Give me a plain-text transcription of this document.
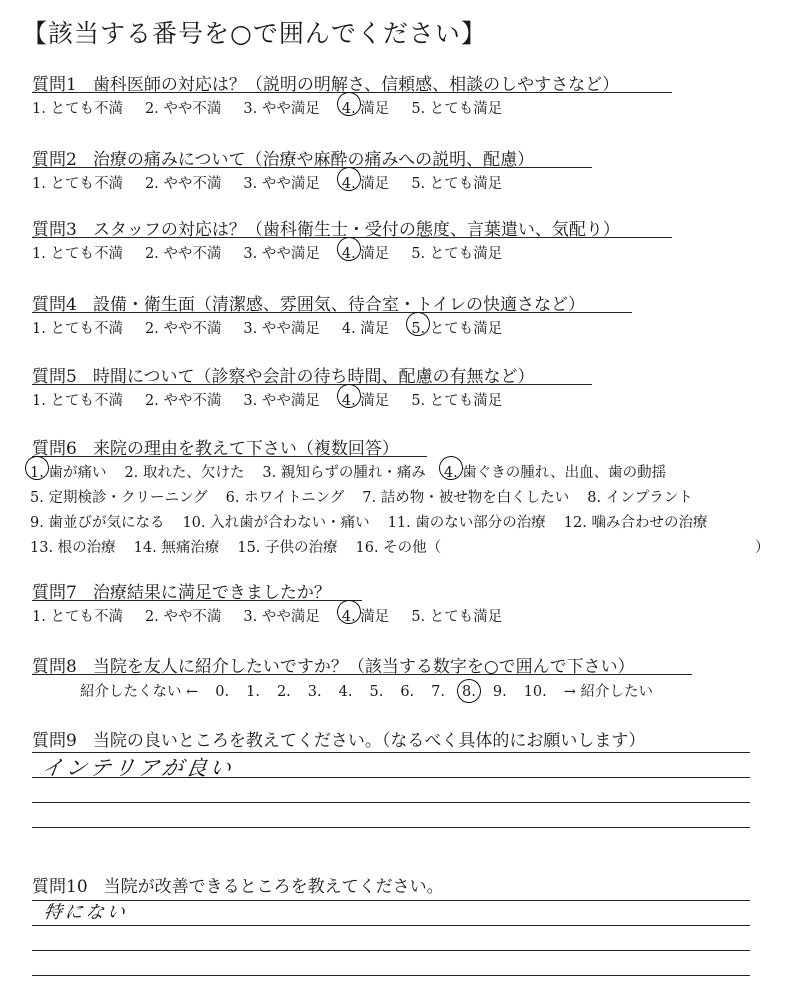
【該当する番号を○で囲んでください】
質問1 歯科医師の対応は？（説明の明解さ、信頼感、相談のしやすさなど）
1. とても不満 2. やや不満 3. やや満足 4. 満足 5. とても満足
質問2 治療の痛みについて（治療や麻酔の痛みへの説明、配慮）
1. とても不満 2. やや不満 3. やや満足 4. 満足 5. とても満足
質問3 スタッフの対応は？（歯科衛生士・受付の態度、言葉遣い、気配り）
1. とても不満 2. やや不満 3. やや満足 4. 満足 5. とても満足
質問4 設備・衛生面（清潔感、雰囲気、待合室・トイレの快適さなど）
1. とても不満 2. やや不満 3. やや満足 4. 満足 5. とても満足
質問5 時間について（診察や会計の待ち時間、配慮の有無など）
1. とても不満 2. やや不満 3. やや満足 4. 満足 5. とても満足
質問6 来院の理由を教えて下さい（複数回答）
1. 歯が痛い 2. 取れた、欠けた 3. 親知らずの腫れ・痛み 4. 歯ぐきの腫れ、出血、歯の動揺
5. 定期検診・クリーニング 6. ホワイトニング 7. 詰め物・被せ物を白くしたい 8. インプラント
9. 歯並びが気になる 10. 入れ歯が合わない・痛い 11. 歯のない部分の治療 12. 噛み合わせの治療
13. 根の治療 14. 無痛治療 15. 子供の治療 16. その他（	）
質問7 治療結果に満足できましたか？
1. とても不満 2. やや不満 3. やや満足 4. 満足 5. とても満足
質問8 当院を友人に紹介したいですか？（該当する数字を○で囲んで下さい）
紹介したくない ← 0. 1. 2. 3. 4. 5. 6. 7. 8. 9. 10. → 紹介したい
質問9 当院の良いところを教えてください。（なるべく具体的にお願いします）
インテリアが良い
質問10 当院が改善できるところを教えてください。
特にない
